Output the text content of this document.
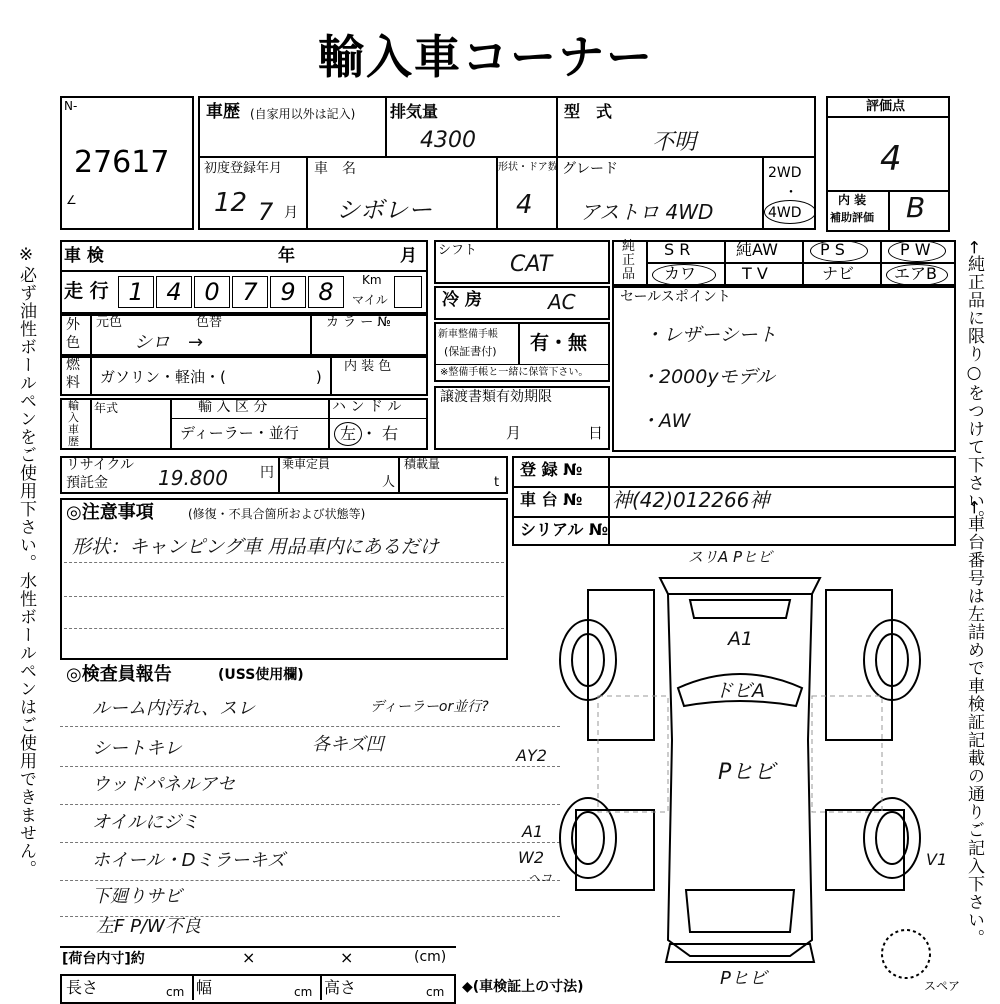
輸入車コーナー
※必ず油性ボールペンをご使用下さい。水性ボールペンはご使用できません。	←純正品に限り○をつけて下さい。
←車台番号は左詰めで車検証記載の通りご記入下さい。
N-
27617
∠
車歴 (自家用以外は記入) 排気量
4300
型　式
不明
初度登録年月
12 7 月
車　名
シボレー
形状・ドア数
4
グレード
アストロ 4WD
2WD
・
4WD
評価点
4
内 装
補助評価 B
車 検	年	月
走 行 1 4 0 7 9 8	Km
マイル
シフト
CAT
冷 房	AC
純
正
品
S R	純AW	P S	P W
カワ	T V	ナビ エアB
外
色
元色	色替	カ ラ ー №
シロ　→
燃
料 ガソリン・軽油・(　　　　　　)
内 装 色
新車整備手帳
(保証書付) 有・無
※整備手帳と一緒に保管下さい。
セールスポイント
・レザーシート
・2000yモデル
・AW
輸
入
車
歴
年式	輸 入 区 分
ディーラー・並行
ハ ン ド ル
左 ・ 右
譲渡書類有効期限
月	日
リサイクル
預託金	19.800 円
乗車定員
人
積載量
t
登 録 №
車 台 № 神(42)012266神
シリアル №
◎注意事項	(修復・不具合箇所および状態等)
形状：キャンピング車 用品車内にあるだけ
◎検査員報告	(USS使用欄)
ルーム内汚れ、スレ
シートキレ
ウッドパネルアセ
オイルにジミ
ホイール・Dミラーキズ
下廻りサビ
左F P/W不良
ディーラーor並行?
各キズ凹
スリA Pヒビ
A1
ドビA
Pヒビ
AY2
A1
W2
ヘコ
V1
Pヒビ	スペア
[荷台内寸]約	×	×	(cm)
長さ	cm 幅	cm 高さ	cm ◆(車検証上の寸法)
